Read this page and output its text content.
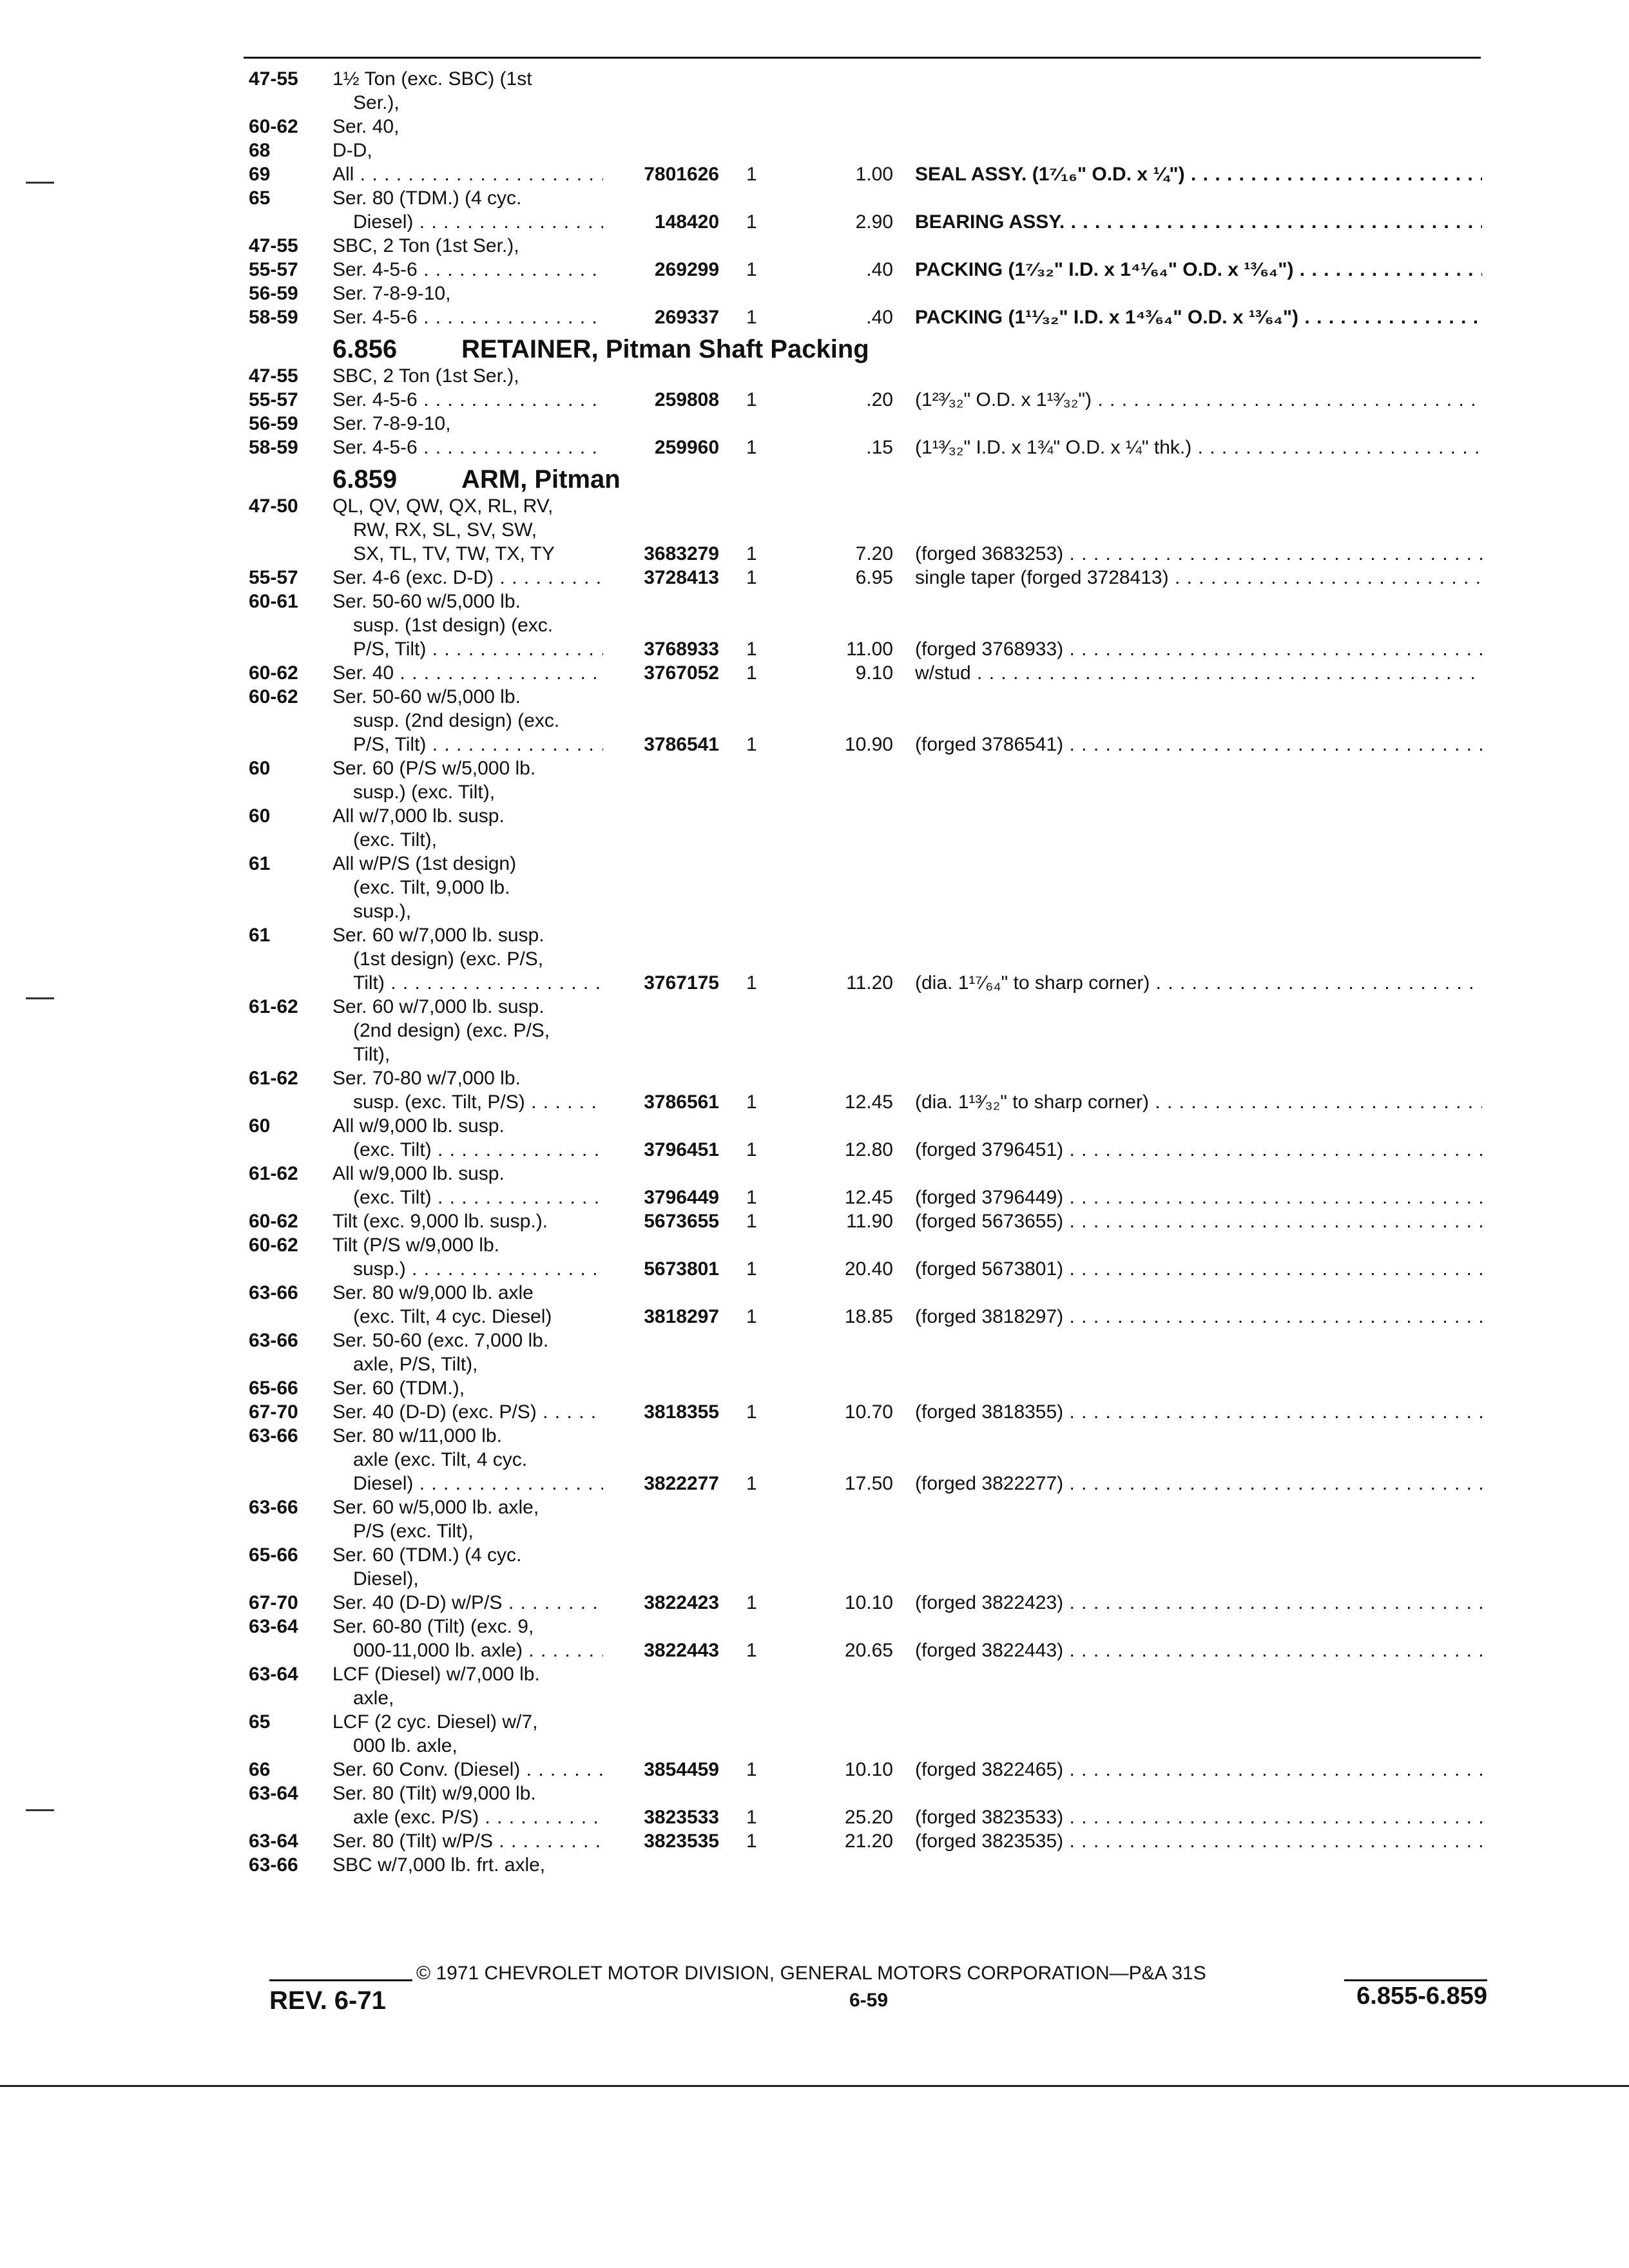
47-55 1½ Ton (exc. SBC) (1st
Ser.),
60-62 Ser. 40,
68	D-D,
69	All . . .	7801626 1	1.00 SEAL ASSY. (1⁷⁄₁₆" O.D. x ¼") . . .
65	Ser. 80 (TDM.) (4 cyc.
Diesel) . . .	148420 1	2.90 BEARING ASSY. . . .
47-55 SBC, 2 Ton (1st Ser.),
55-57 Ser. 4-5-6 . . .	269299 1	.40 PACKING (1⁷⁄₃₂" I.D. x 1⁴¹⁄₆₄" O.D. x ¹³⁄₆₄") . . .
56-59 Ser. 7-8-9-10,
58-59 Ser. 4-5-6 . . .	269337 1	.40 PACKING (1¹¹⁄₃₂" I.D. x 1⁴³⁄₆₄" O.D. x ¹³⁄₆₄") . . .
6.856 RETAINER, Pitman Shaft Packing
47-55 SBC, 2 Ton (1st Ser.),
55-57 Ser. 4-5-6 . . .	259808 1	.20 (1²³⁄₃₂" O.D. x 1¹³⁄₃₂") . . .
56-59 Ser. 7-8-9-10,
58-59 Ser. 4-5-6 . . .	259960 1	.15 (1¹³⁄₃₂" I.D. x 1¾" O.D. x ¼" thk.) . . .
6.859 ARM, Pitman
47-50 QL, QV, QW, QX, RL, RV,
RW, RX, SL, SV, SW,
SX, TL, TV, TW, TX, TY	3683279 1	7.20 (forged 3683253) . . .
55-57 Ser. 4-6 (exc. D-D) . . .	3728413 1	6.95 single taper (forged 3728413) . . .
60-61 Ser. 50-60 w/5,000 lb.
susp. (1st design) (exc.
P/S, Tilt) . . .	3768933 1	11.00 (forged 3768933) . . .
60-62 Ser. 40 . . .	3767052 1	9.10 w/stud . . .
60-62 Ser. 50-60 w/5,000 lb.
susp. (2nd design) (exc.
P/S, Tilt) . . .	3786541 1	10.90 (forged 3786541) . . .
60	Ser. 60 (P/S w/5,000 lb.
susp.) (exc. Tilt),
60	All w/7,000 lb. susp.
(exc. Tilt),
61	All w/P/S (1st design)
(exc. Tilt, 9,000 lb.
susp.),
61	Ser. 60 w/7,000 lb. susp.
(1st design) (exc. P/S,
Tilt) . . .	3767175 1	11.20 (dia. 1¹⁷⁄₆₄" to sharp corner) . . .
61-62 Ser. 60 w/7,000 lb. susp.
(2nd design) (exc. P/S,
Tilt),
61-62 Ser. 70-80 w/7,000 lb.
susp. (exc. Tilt, P/S) . . .	3786561 1	12.45 (dia. 1¹³⁄₃₂" to sharp corner) . . .
60	All w/9,000 lb. susp.
(exc. Tilt) . . .	3796451 1	12.80 (forged 3796451) . . .
61-62 All w/9,000 lb. susp.
(exc. Tilt) . . .	3796449 1	12.45 (forged 3796449) . . .
60-62 Tilt (exc. 9,000 lb. susp.).	5673655 1	11.90 (forged 5673655) . . .
60-62 Tilt (P/S w/9,000 lb.
susp.) . . .	5673801 1	20.40 (forged 5673801) . . .
63-66 Ser. 80 w/9,000 lb. axle
(exc. Tilt, 4 cyc. Diesel)	3818297 1	18.85 (forged 3818297) . . .
63-66 Ser. 50-60 (exc. 7,000 lb.
axle, P/S, Tilt),
65-66 Ser. 60 (TDM.),
67-70 Ser. 40 (D-D) (exc. P/S) . . .	3818355 1	10.70 (forged 3818355) . . .
63-66 Ser. 80 w/11,000 lb.
axle (exc. Tilt, 4 cyc.
Diesel) . . .	3822277 1	17.50 (forged 3822277) . . .
63-66 Ser. 60 w/5,000 lb. axle,
P/S (exc. Tilt),
65-66 Ser. 60 (TDM.) (4 cyc.
Diesel),
67-70 Ser. 40 (D-D) w/P/S . . .	3822423 1	10.10 (forged 3822423) . . .
63-64 Ser. 60-80 (Tilt) (exc. 9,
000-11,000 lb. axle) . . .	3822443 1	20.65 (forged 3822443) . . .
63-64 LCF (Diesel) w/7,000 lb.
axle,
65	LCF (2 cyc. Diesel) w/7,
000 lb. axle,
66	Ser. 60 Conv. (Diesel) . . .	3854459 1	10.10 (forged 3822465) . . .
63-64 Ser. 80 (Tilt) w/9,000 lb.
axle (exc. P/S) . . .	3823533 1	25.20 (forged 3823533) . . .
63-64 Ser. 80 (Tilt) w/P/S . . .	3823535 1	21.20 (forged 3823535) . . .
63-66 SBC w/7,000 lb. frt. axle,
© 1971 CHEVROLET MOTOR DIVISION, GENERAL MOTORS CORPORATION—P&A 31S
REV. 6-71	6-59	6.855-6.859
